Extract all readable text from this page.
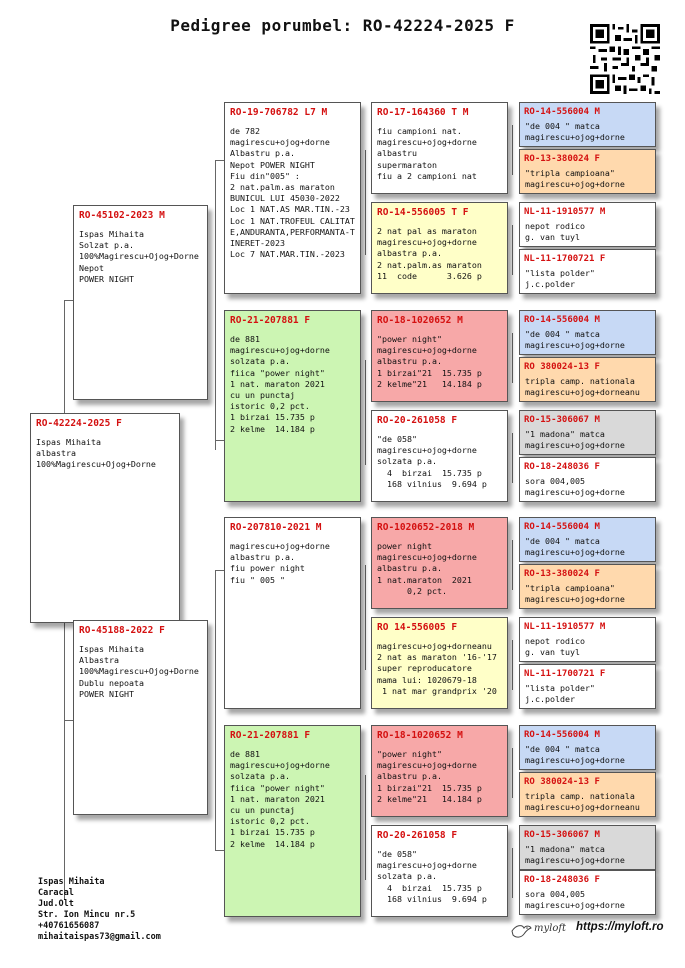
Pedigree porumbel: RO-42224-2025 F
RO-42224-2025 F
Ispas Mihaita
albastra
100%Magirescu+Ojog+Dorne
RO-45102-2023 M
Ispas Mihaita
Solzat p.a.
100%Magirescu+Ojog+Dorne
Nepot
POWER NIGHT
RO-45188-2022 F
Ispas Mihaita
Albastra
100%Magirescu+Ojog+Dorne
Dublu nepoata
POWER NIGHT
RO-19-706782 L7 M
de 782
magirescu+ojog+dorne
Albastru p.a.
Nepot POWER NIGHT
Fiu din"005" :
2 nat.palm.as maraton
BUNICUL LUI 45030-2022
Loc 1 NAT.AS MAR.TIN.-23
Loc 1 NAT.TROFEUL CALITATE,ANDURANTA,PERFORMANTA-TINERET-2023
Loc 7 NAT.MAR.TIN.-2023
RO-21-207881 F
de 881
magirescu+ojog+dorne
solzata p.a.
fiica "power night"
1 nat. maraton 2021
cu un punctaj
istoric 0,2 pct.
1 birzai 15.735 p
2 kelme  14.184 p
RO-207810-2021 M
magirescu+ojog+dorne
albastru p.a.
fiu power night
fiu " 005 "
RO-21-207881 F
de 881
magirescu+ojog+dorne
solzata p.a.
fiica "power night"
1 nat. maraton 2021
cu un punctaj
istoric 0,2 pct.
1 birzai 15.735 p
2 kelme  14.184 p
RO-17-164360 T M
fiu campioni nat.
magirescu+ojog+dorne
albastru
supermaraton
fiu a 2 campioni nat
RO-14-556005 T F
2 nat pal as maraton
magirescu+ojog+dorne
albastra p.a.
2 nat.palm.as maraton
11  code      3.626 p
RO-18-1020652 M
"power night"
magirescu+ojog+dorne
albastru p.a.
1 birzai"21  15.735 p
2 kelme"21   14.184 p
RO-20-261058 F
"de 058"
magirescu+ojog+dorne
solzata p.a.
4  birzai  15.735 p
168 vilnius  9.694 p
RO-1020652-2018 M
power night
magirescu+ojog+dorne
albastru p.a.
1 nat.maraton  2021
0,2 pct.
RO 14-556005 F
magirescu+ojog+dorneanu
2 nat as maraton '16-'17
super reproducatore
mama lui: 1020679-18
1 nat mar grandprix '20
RO-18-1020652 M
"power night"
magirescu+ojog+dorne
albastru p.a.
1 birzai"21  15.735 p
2 kelme"21   14.184 p
RO-20-261058 F
"de 058"
magirescu+ojog+dorne
solzata p.a.
4  birzai  15.735 p
168 vilnius  9.694 p
RO-14-556004 M
"de 004 " matca
magirescu+ojog+dorne
RO-13-380024 F
"tripla campioana"
magirescu+ojog+dorne
NL-11-1910577 M
nepot rodico
g. van tuyl
NL-11-1700721 F
"lista polder"
j.c.polder
RO-14-556004 M
"de 004 " matca
magirescu+ojog+dorne
RO 380024-13 F
tripla camp. nationala
magirescu+ojog+dorneanu
RO-15-306067 M
"1 madona" matca
magirescu+ojog+dorne
RO-18-248036 F
sora 004,005
magirescu+ojog+dorne
RO-14-556004 M
"de 004 " matca
magirescu+ojog+dorne
RO-13-380024 F
"tripla campioana"
magirescu+ojog+dorne
NL-11-1910577 M
nepot rodico
g. van tuyl
NL-11-1700721 F
"lista polder"
j.c.polder
RO-14-556004 M
"de 004 " matca
magirescu+ojog+dorne
RO 380024-13 F
tripla camp. nationala
magirescu+ojog+dorneanu
RO-15-306067 M
"1 madona" matca
magirescu+ojog+dorne
RO-18-248036 F
sora 004,005
magirescu+ojog+dorne
Ispas Mihaita
Caracal
Jud.Olt
Str. Ion Mincu nr.5
+40761656087
mihaitaispas73@gmail.com
myloft https://myloft.ro
